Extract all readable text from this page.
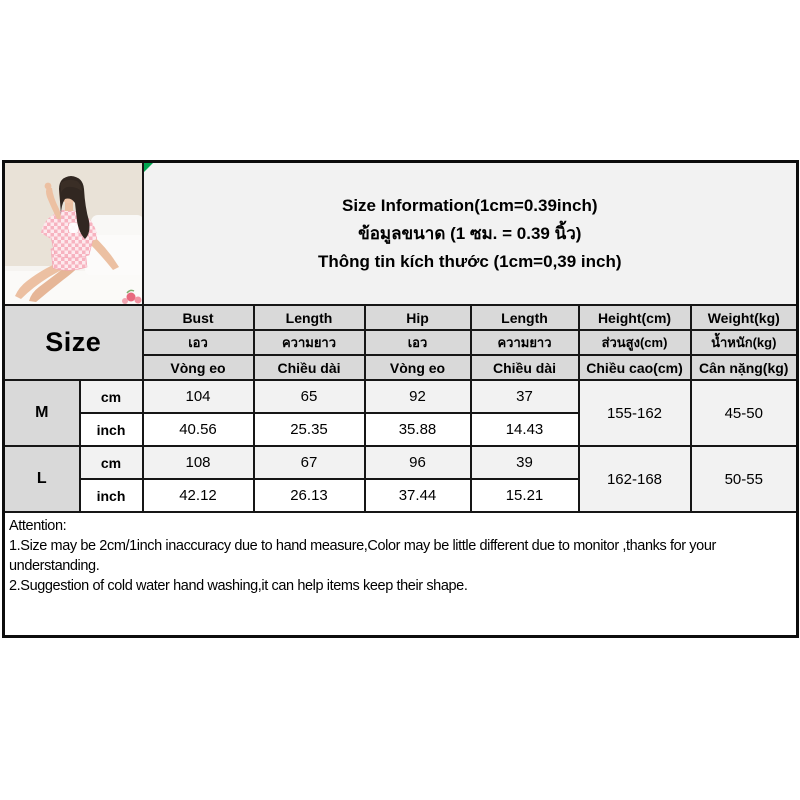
Size Information(1cm=0.39inch)
ข้อมูลขนาด (1 ซม. = 0.39 นิ้ว)
Thông tin kích thước (1cm=0,39 inch)					

Size		Bust	Length	Hip	Length	Height(cm)	Weight(kg)
		เอว	ความยาว	เอว	ความยาว	ส่วนสูง(cm)	น้ำหนัก(kg)
		Vòng eo	Chiều dài	Vòng eo	Chiều dài	Chiều cao(cm)	Cân nặng(kg)
M	cm	104	65	92	37	155-162	45-50
	inch	40.56	25.35	35.88	14.43		
L	cm	108	67	96	39	162-168	50-55
	inch	42.12	26.13	37.44	15.21		

Attention:
1.Size may be 2cm/1inch inaccuracy due to hand measure,Color may be little different due to monitor ,thanks for your understanding.
2.Suggestion of cold water hand washing,it can help items keep their shape.							
